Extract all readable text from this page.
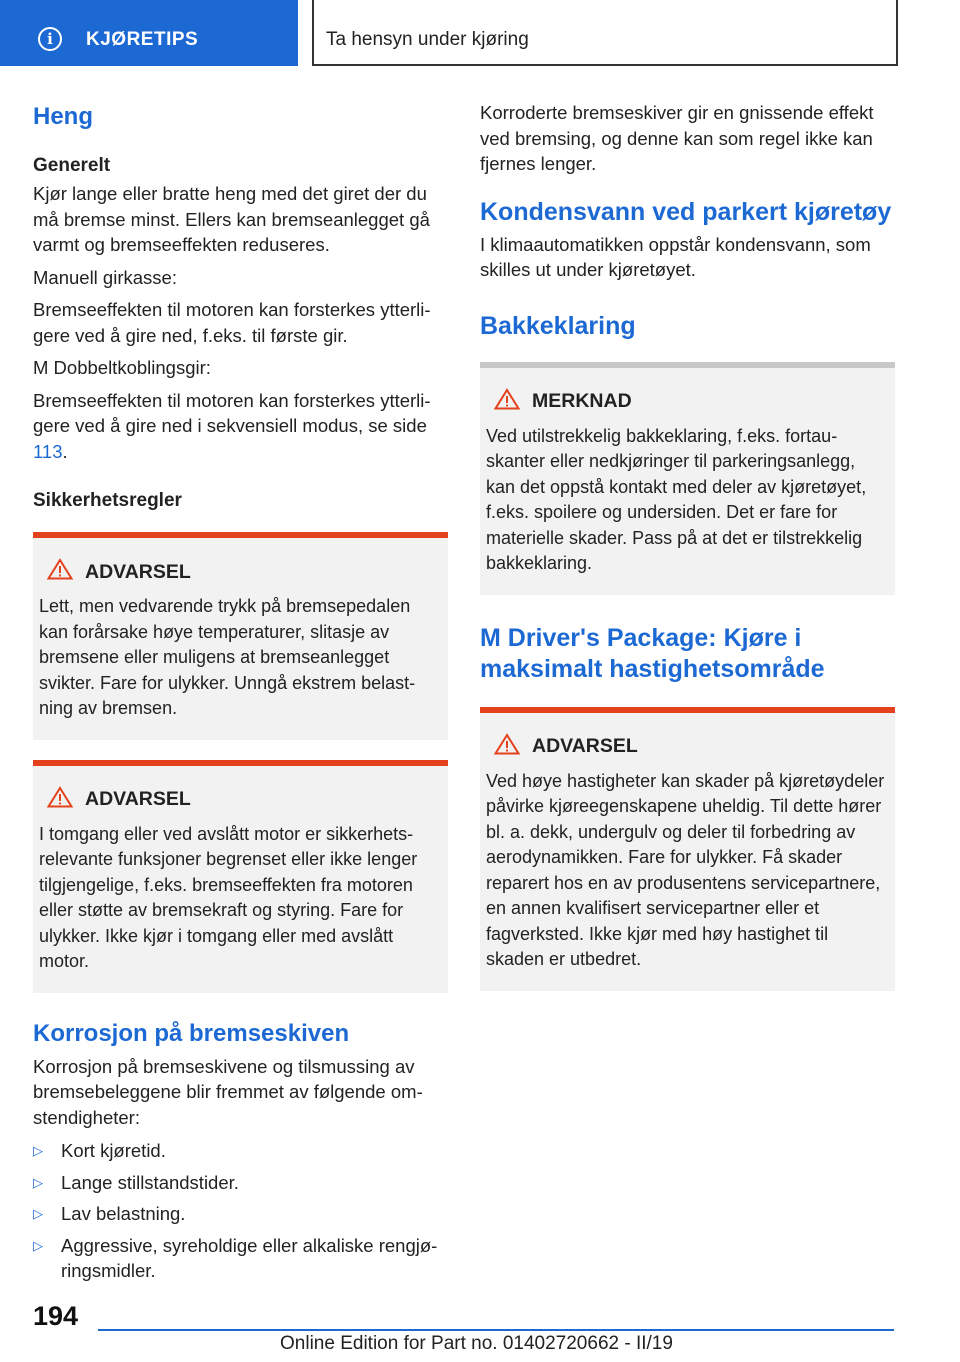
i	KJØRETIPS	Ta hensyn under kjøring
Heng
Generelt

Kjør lange eller bratte heng med det giret der du må bremse minst. Ellers kan bremseanlegget gå varmt og bremseeffekten reduseres.

Manuell girkasse:

Bremseeffekten til motoren kan forsterkes ytterligere ved å gire ned, f.eks. til første gir.

M Dobbeltkoblingsgir:

Bremseeffekten til motoren kan forsterkes ytterligere ved å gire ned i sekvensiell modus, se side 113.

Sikkerhetsregler
ADVARSEL

Lett, men vedvarende trykk på bremsepedalen kan forårsake høye temperaturer, slitasje av bremsene eller muligens at bremseanlegget svikter. Fare for ulykker. Unngå ekstrem belastning av bremsen.

ADVARSEL

I tomgang eller ved avslått motor er sikkerhetsrelevante funksjoner begrenset eller ikke lenger tilgjengelige, f.eks. bremseeffekten fra motoren eller støtte av bremsekraft og styring. Fare for ulykker. Ikke kjør i tomgang eller med avslått motor.

Korrosjon på bremseskiven

Korrosjon på bremseskivene og tilsmussing av bremsebeleggene blir fremmet av følgende omstendigheter:

▷ Kort kjøretid.
▷ Lange stillstandstider.
▷ Lav belastning.
▷ Aggressive, syreholdige eller alkaliske rengjøringsmidler.

Korroderte bremseskiver gir en gnissende effekt ved bremsing, og denne kan som regel ikke kan fjernes lenger.

Kondensvann ved parkert kjøretøy

I klimaautomatikken oppstår kondensvann, som skilles ut under kjøretøyet.

Bakkeklaring
MERKNAD

Ved utilstrekkelig bakkeklaring, f.eks. fortauskanter eller nedkjøringer til parkeringsanlegg, kan det oppstå kontakt med deler av kjøretøyet, f.eks. spoilere og undersiden. Det er fare for materielle skader. Pass på at det er tilstrekkelig bakkeklaring.

M Driver's Package: Kjøre i maksimalt hastighetsområde
ADVARSEL

Ved høye hastigheter kan skader på kjøretøydeler påvirke kjøreegenskapene uheldig. Til dette hører bl. a. dekk, undergulv og deler til forbedring av aerodynamikken. Fare for ulykker. Få skader reparert hos en av produsentens servicepartnere, en annen kvalifisert servicepartner eller et fagverksted. Ikke kjør med høy hastighet til skaden er utbedret.

194
Online Edition for Part no. 01402720662 - II/19
